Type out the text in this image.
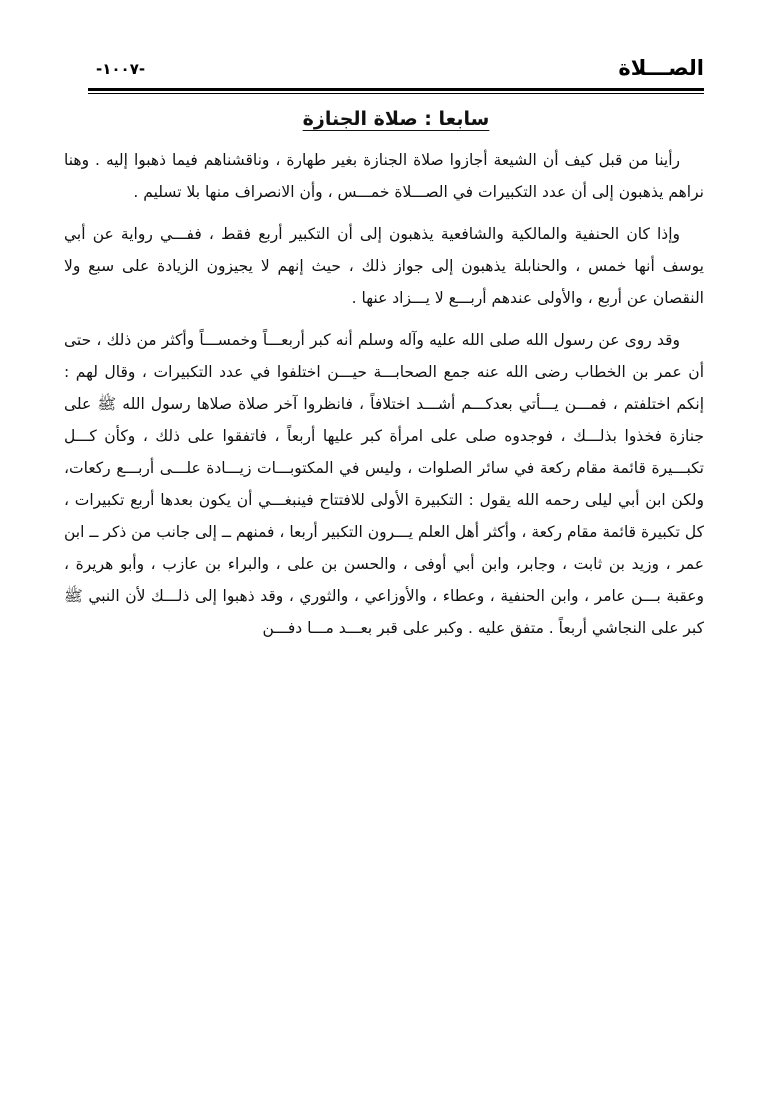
الصـــلاة
-١٠٠٧-
سابعا : صلاة الجنازة

رأينا من قبل كيف أن الشيعة أجازوا صلاة الجنازة بغير طهارة ، وناقشناهم فيما ذهبوا إليه . وهنا نراهم يذهبون إلى أن عدد التكبيرات في الصـــلاة خمـــس ، وأن الانصراف منها بلا تسليم .

وإذا كان الحنفية والمالكية والشافعية يذهبون إلى أن التكبير أربع فقط ، ففـــي رواية عن أبي يوسف أنها خمس ، والحنابلة يذهبون إلى جواز ذلك ، حيث إنهم لا يجيزون الزيادة على سبع ولا النقصان عن أربع ، والأولى عندهم أربـــع لا يـــزاد عنها .

وقد روى عن رسول الله صلى الله عليه وآله وسلم أنه كبر أربعـــاً وخمســـاً وأكثر من ذلك ، حتى أن عمر بن الخطاب رضى الله عنه جمع الصحابـــة حيـــن اختلفوا في عدد التكبيرات ، وقال لهم : إنكم اختلفتم ، فمـــن يـــأتي بعدكـــم أشـــد اختلافاً ، فانظروا آخر صلاة صلاها رسول الله ﷺ على جنازة فخذوا بذلـــك ، فوجدوه صلى على امرأة كبر عليها أربعاً ، فاتفقوا على ذلك ، وكأن كـــل تكبـــيرة قائمة مقام ركعة في سائر الصلوات ، وليس في المكتوبـــات زيـــادة علـــى أربـــع ركعات، ولكن ابن أبي ليلى رحمه الله يقول : التكبيرة الأولى للافتتاح فينبغـــي أن يكون بعدها أربع تكبيرات ، كل تكبيرة قائمة مقام ركعة ، وأكثر أهل العلم يـــرون التكبير أربعا ، فمنهم ــ إلى جانب من ذكر ــ ابن عمر ، وزيد بن ثابت ، وجابر، وابن أبي أوفى ، والحسن بن على ، والبراء بن عازب ، وأبو هريرة ، وعقبة بـــن عامر ، وابن الحنفية ، وعطاء ، والأوزاعي ، والثوري ، وقد ذهبوا إلى ذلـــك لأن النبي ﷺ كبر على النجاشي أربعاً . متفق عليه . وكبر على قبر بعـــد مـــا دفـــن
